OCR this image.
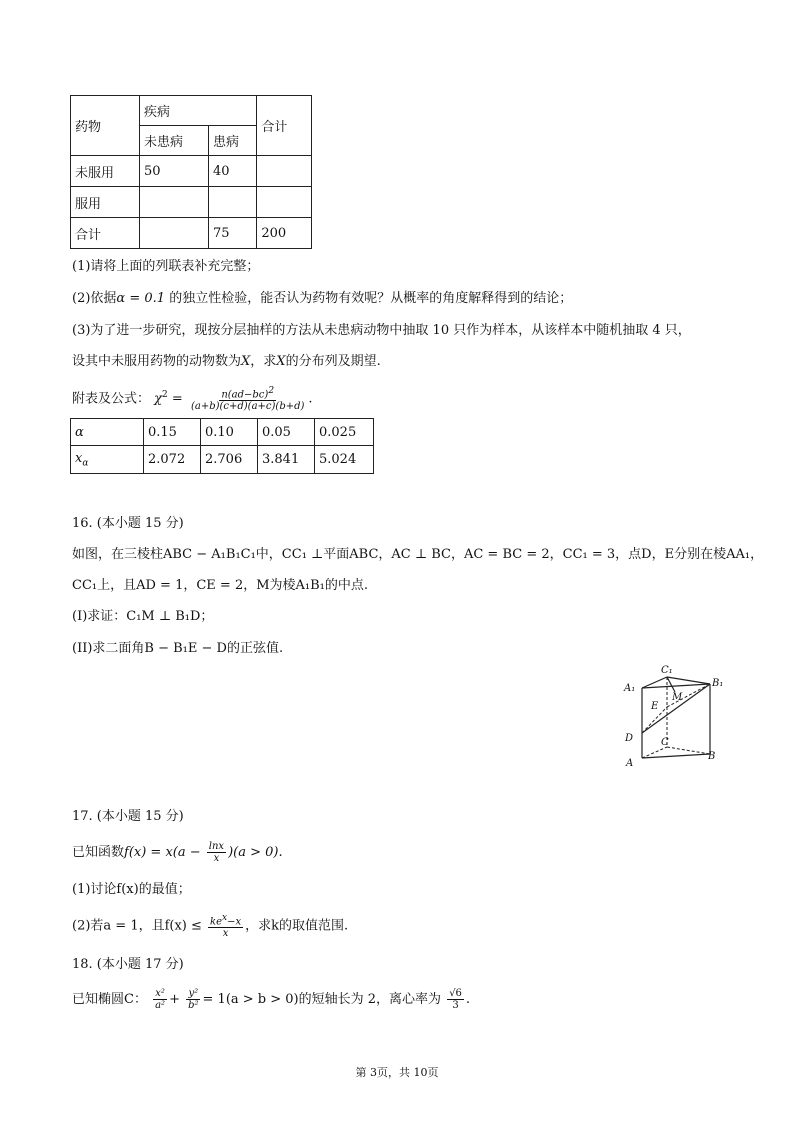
药物	疾病		合计
	未患病	患病	
未服用	50	40	
服用			
合计		75	200
(1)请将上面的列联表补充完整；
(2)依据α = 0.1 的独立性检验，能否认为药物有效呢？从概率的角度解释得到的结论；
(3)为了进一步研究，现按分层抽样的方法从未患病动物中抽取 10 只作为样本，从该样本中随机抽取 4 只，
设其中未服用药物的动物数为X，求X的分布列及期望.
附表及公式： $\chi^2 = \frac{n(ad-bc)^2}{(a+b)(c+d)(a+c)(b+d)}$ .
α	0.15	0.10	0.05	0.025
$x_\alpha$	2.072	2.706	3.841	5.024
16. (本小题 15 分)
如图，在三棱柱ABC − A₁B₁C₁中，CC₁ ⊥平面ABC，AC ⊥ BC，AC = BC = 2，CC₁ = 3，点D，E分别在棱AA₁，
CC₁上，且AD = 1，CE = 2，M为棱A₁B₁的中点.
(I)求证：C₁M ⊥ B₁D；
(II)求二面角B − B₁E − D的正弦值.
C₁
A₁	B₁
M
E
D	C
A
B
17. (本小题 15 分)
已知函数$f(x) = x(a - \frac{\ln x}{x} )(a > 0)$.
(1)讨论f(x)的最值；
(2)若a = 1，且$f(x) \le \frac{ke^x-x}{x}$ ，求k的取值范围.
18. (本小题 17 分)
已知椭圆C： $\frac{\text{x²}}{\text{a²}} + \frac{\text{y²}}{\text{b²}} = 1(a > b > 0)$的短轴长为 2，离心率为 $\frac{√6}{3}$ .
第 3页，共 10页
